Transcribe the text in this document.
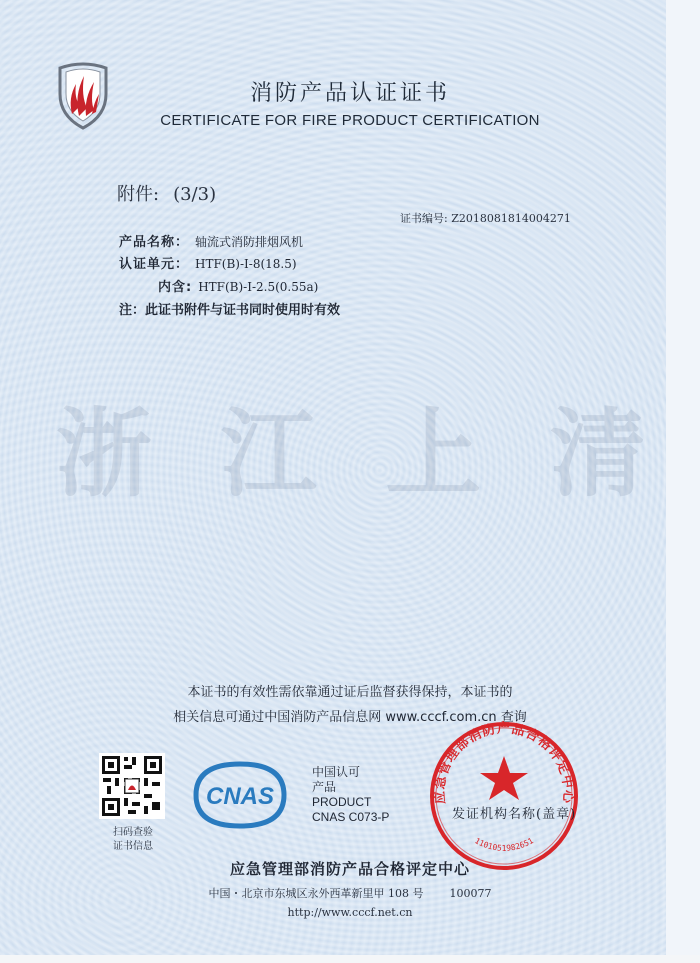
消防产品认证证书
CERTIFICATE FOR FIRE PRODUCT CERTIFICATION
附件: (3/3)
证书编号: Z2018081814004271
产品名称： 轴流式消防排烟风机
认证单元： HTF(B)-I-8(18.5)
内含: HTF(B)-I-2.5(0.55a)
注：此证书附件与证书同时使用时有效
浙 江 上 清
本证书的有效性需依靠通过证后监督获得保持，本证书的
相关信息可通过中国消防产品信息网 www.cccf.com.cn 查询
扫码查验
证书信息
CNAS
中国认可
产品
PRODUCT
CNAS C073-P
应急管理部消防产品合格评定中心
1101051982651
发证机构名称(盖章)
应急管理部消防产品合格评定中心
中国・北京市东城区永外西革新里甲 108 号 100077
http://www.cccf.net.cn
